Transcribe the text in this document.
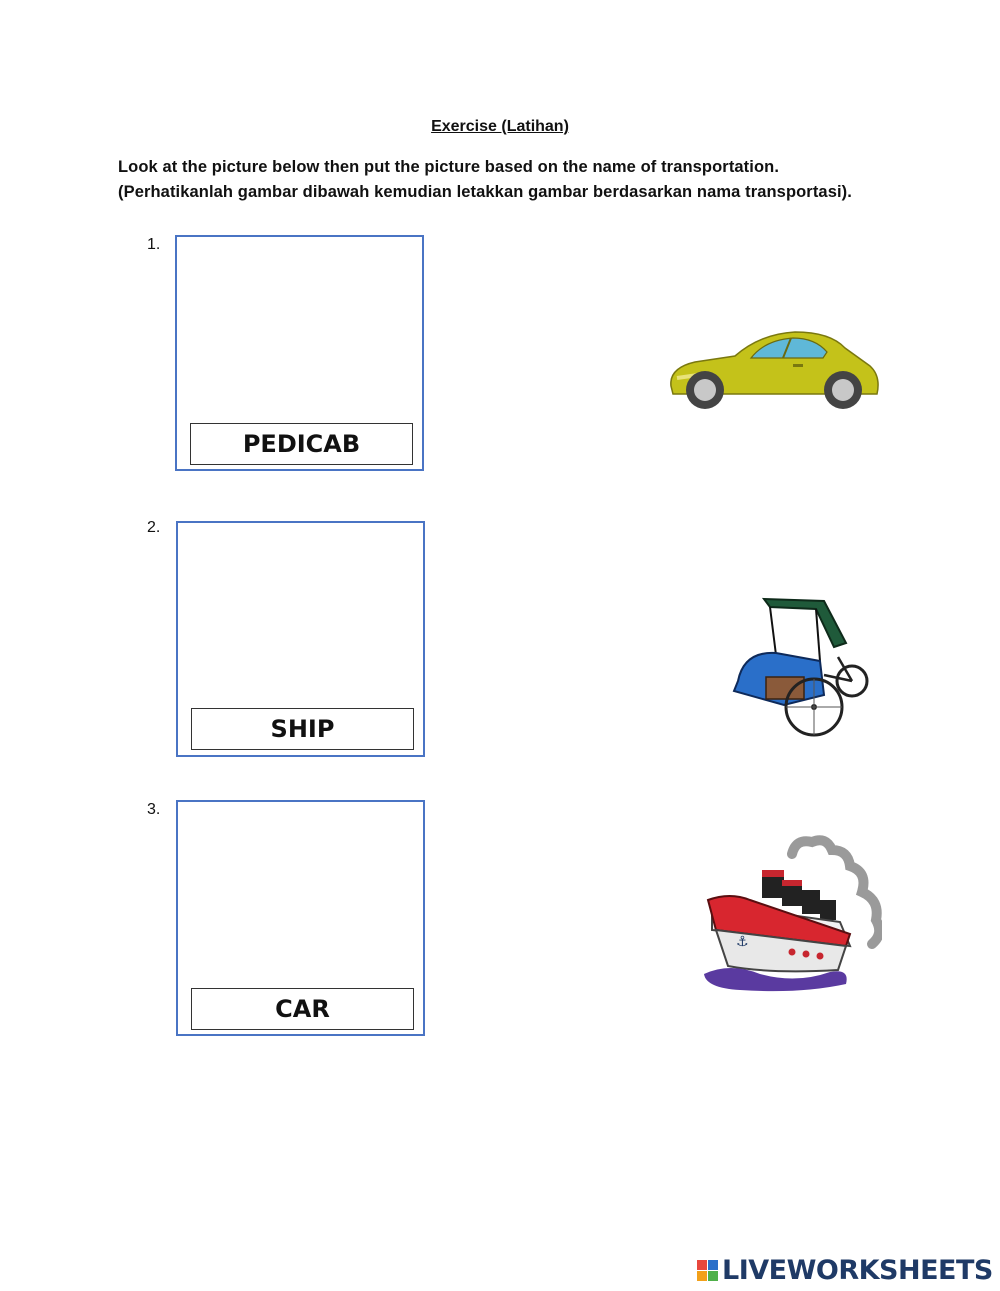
Exercise (Latihan)
Look at the picture below then put the picture based on the name of transportation.
(Perhatikanlah gambar dibawah kemudian letakkan gambar berdasarkan nama transportasi).
1.
PEDICAB
2.
SHIP
3.
CAR
⚓
LIVEWORKSHEETS
